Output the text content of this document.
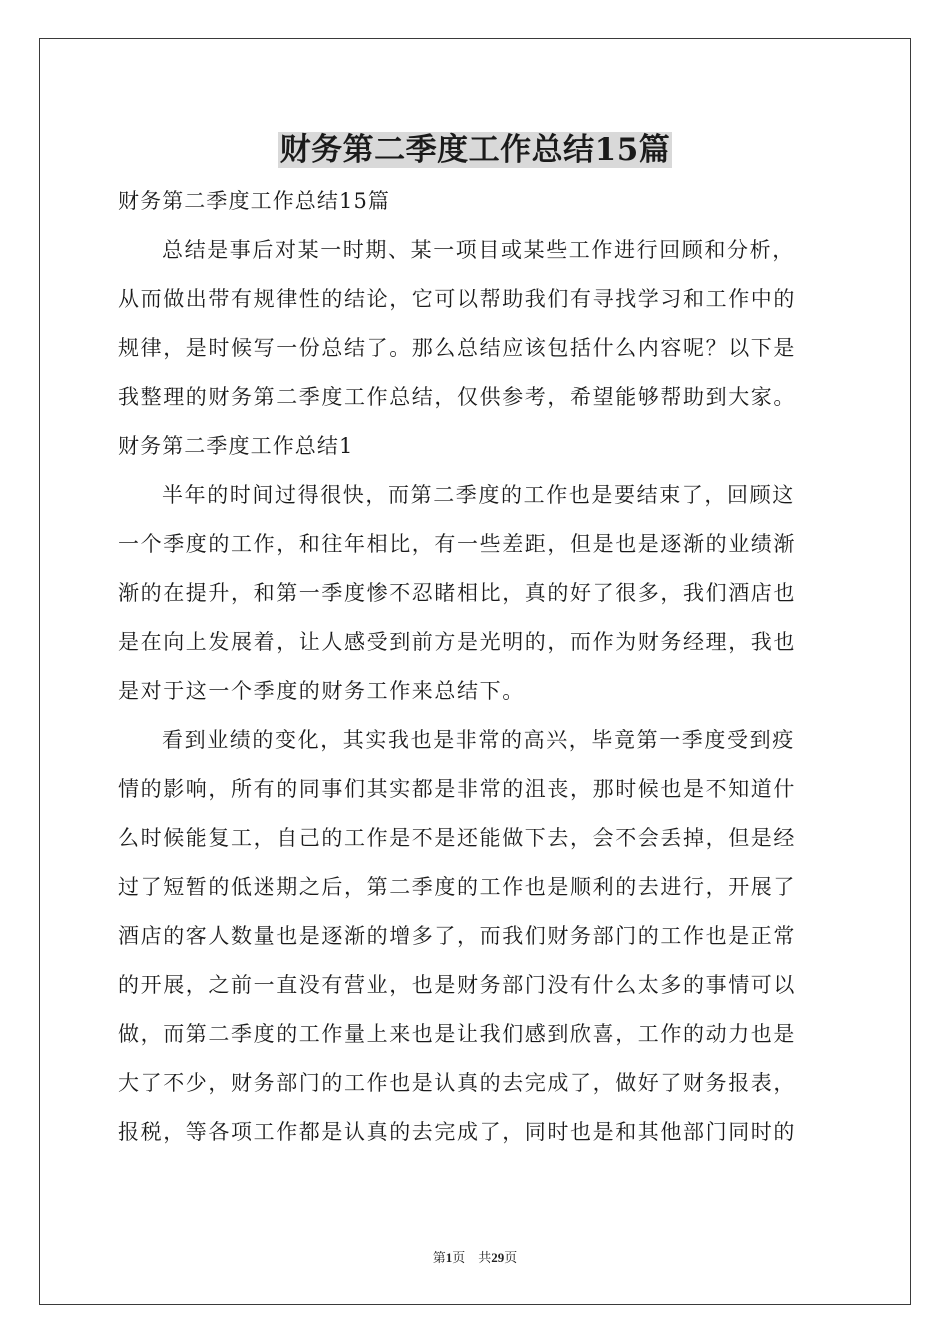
财务第二季度工作总结15篇
财务第二季度工作总结15篇
总结是事后对某一时期、某一项目或某些工作进行回顾和分析，
从而做出带有规律性的结论，它可以帮助我们有寻找学习和工作中的
规律，是时候写一份总结了。那么总结应该包括什么内容呢？以下是
我整理的财务第二季度工作总结，仅供参考，希望能够帮助到大家。
财务第二季度工作总结1
半年的时间过得很快，而第二季度的工作也是要结束了，回顾这
一个季度的工作，和往年相比，有一些差距，但是也是逐渐的业绩渐
渐的在提升，和第一季度惨不忍睹相比，真的好了很多，我们酒店也
是在向上发展着，让人感受到前方是光明的，而作为财务经理，我也
是对于这一个季度的财务工作来总结下。
看到业绩的变化，其实我也是非常的高兴，毕竟第一季度受到疫
情的影响，所有的同事们其实都是非常的沮丧，那时候也是不知道什
么时候能复工，自己的工作是不是还能做下去，会不会丢掉，但是经
过了短暂的低迷期之后，第二季度的工作也是顺利的去进行，开展了
酒店的客人数量也是逐渐的增多了，而我们财务部门的工作也是正常
的开展，之前一直没有营业，也是财务部门没有什么太多的事情可以
做，而第二季度的工作量上来也是让我们感到欣喜，工作的动力也是
大了不少，财务部门的工作也是认真的去完成了，做好了财务报表，
报税，等各项工作都是认真的去完成了，同时也是和其他部门同时的
第1页 共29页
